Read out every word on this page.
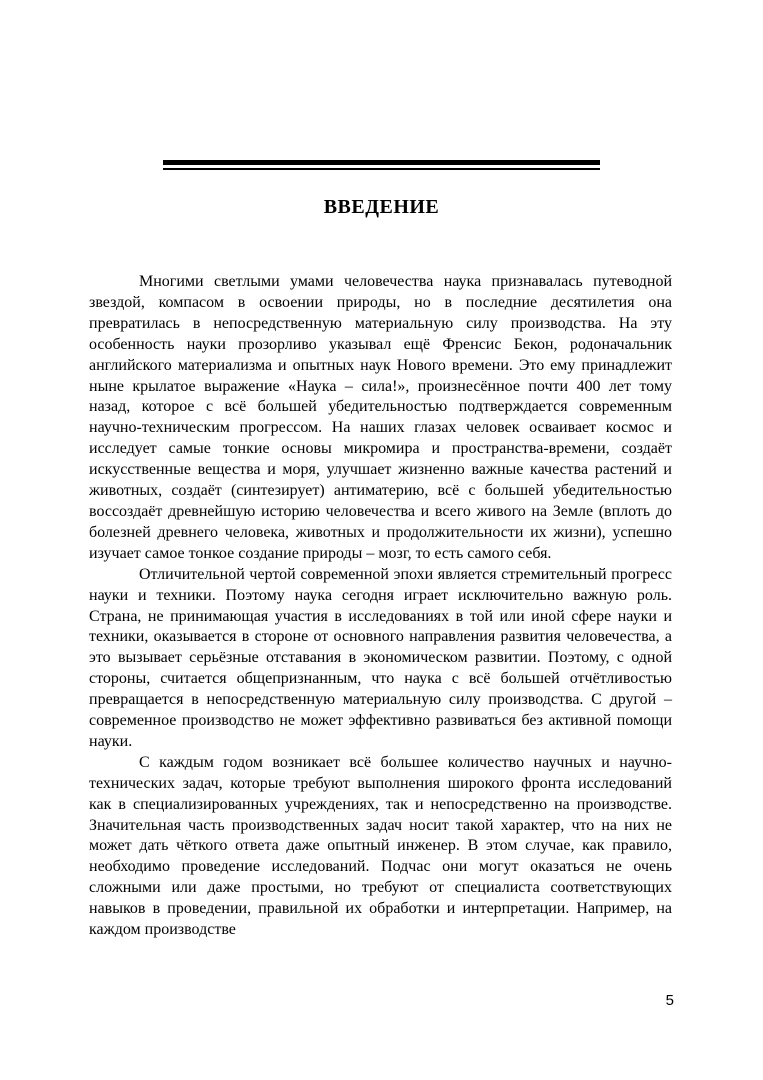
ВВЕДЕНИЕ

Многими светлыми умами человечества наука признавалась путеводной звездой, компасом в освоении природы, но в последние десятилетия она превратилась в непосредственную материальную силу производства. На эту особенность науки прозорливо указывал ещё Френсис Бекон, родоначальник английского материализма и опытных наук Нового времени. Это ему принадлежит ныне крылатое выражение «Наука – сила!», произнесённое почти 400 лет тому назад, которое с всё большей убедительностью подтверждается современным научно-техническим прогрессом. На наших глазах человек осваивает космос и исследует самые тонкие основы микромира и пространства-времени, создаёт искусственные вещества и моря, улучшает жизненно важные качества растений и животных, создаёт (синтезирует) антиматерию, всё с большей убедительностью воссоздаёт древнейшую историю человечества и всего живого на Земле (вплоть до болезней древнего человека, животных и продолжительности их жизни), успешно изучает самое тонкое создание природы – мозг, то есть самого себя.

Отличительной чертой современной эпохи является стремительный прогресс науки и техники. Поэтому наука сегодня играет исключительно важную роль. Страна, не принимающая участия в исследованиях в той или иной сфере науки и техники, оказывается в стороне от основного направления развития человечества, а это вызывает серьёзные отставания в экономическом развитии. Поэтому, с одной стороны, считается общепризнанным, что наука с всё большей отчётливостью превращается в непосредственную материальную силу производства. С другой – современное производство не может эффективно развиваться без активной помощи науки.

С каждым годом возникает всё большее количество научных и научно-технических задач, которые требуют выполнения широкого фронта исследований как в специализированных учреждениях, так и непосредственно на производстве. Значительная часть производственных задач носит такой характер, что на них не может дать чёткого ответа даже опытный инженер. В этом случае, как правило, необходимо проведение исследований. Подчас они могут оказаться не очень сложными или даже простыми, но требуют от специалиста соответствующих навыков в проведении, правильной их обработки и интерпретации. Например, на каждом производстве

5
